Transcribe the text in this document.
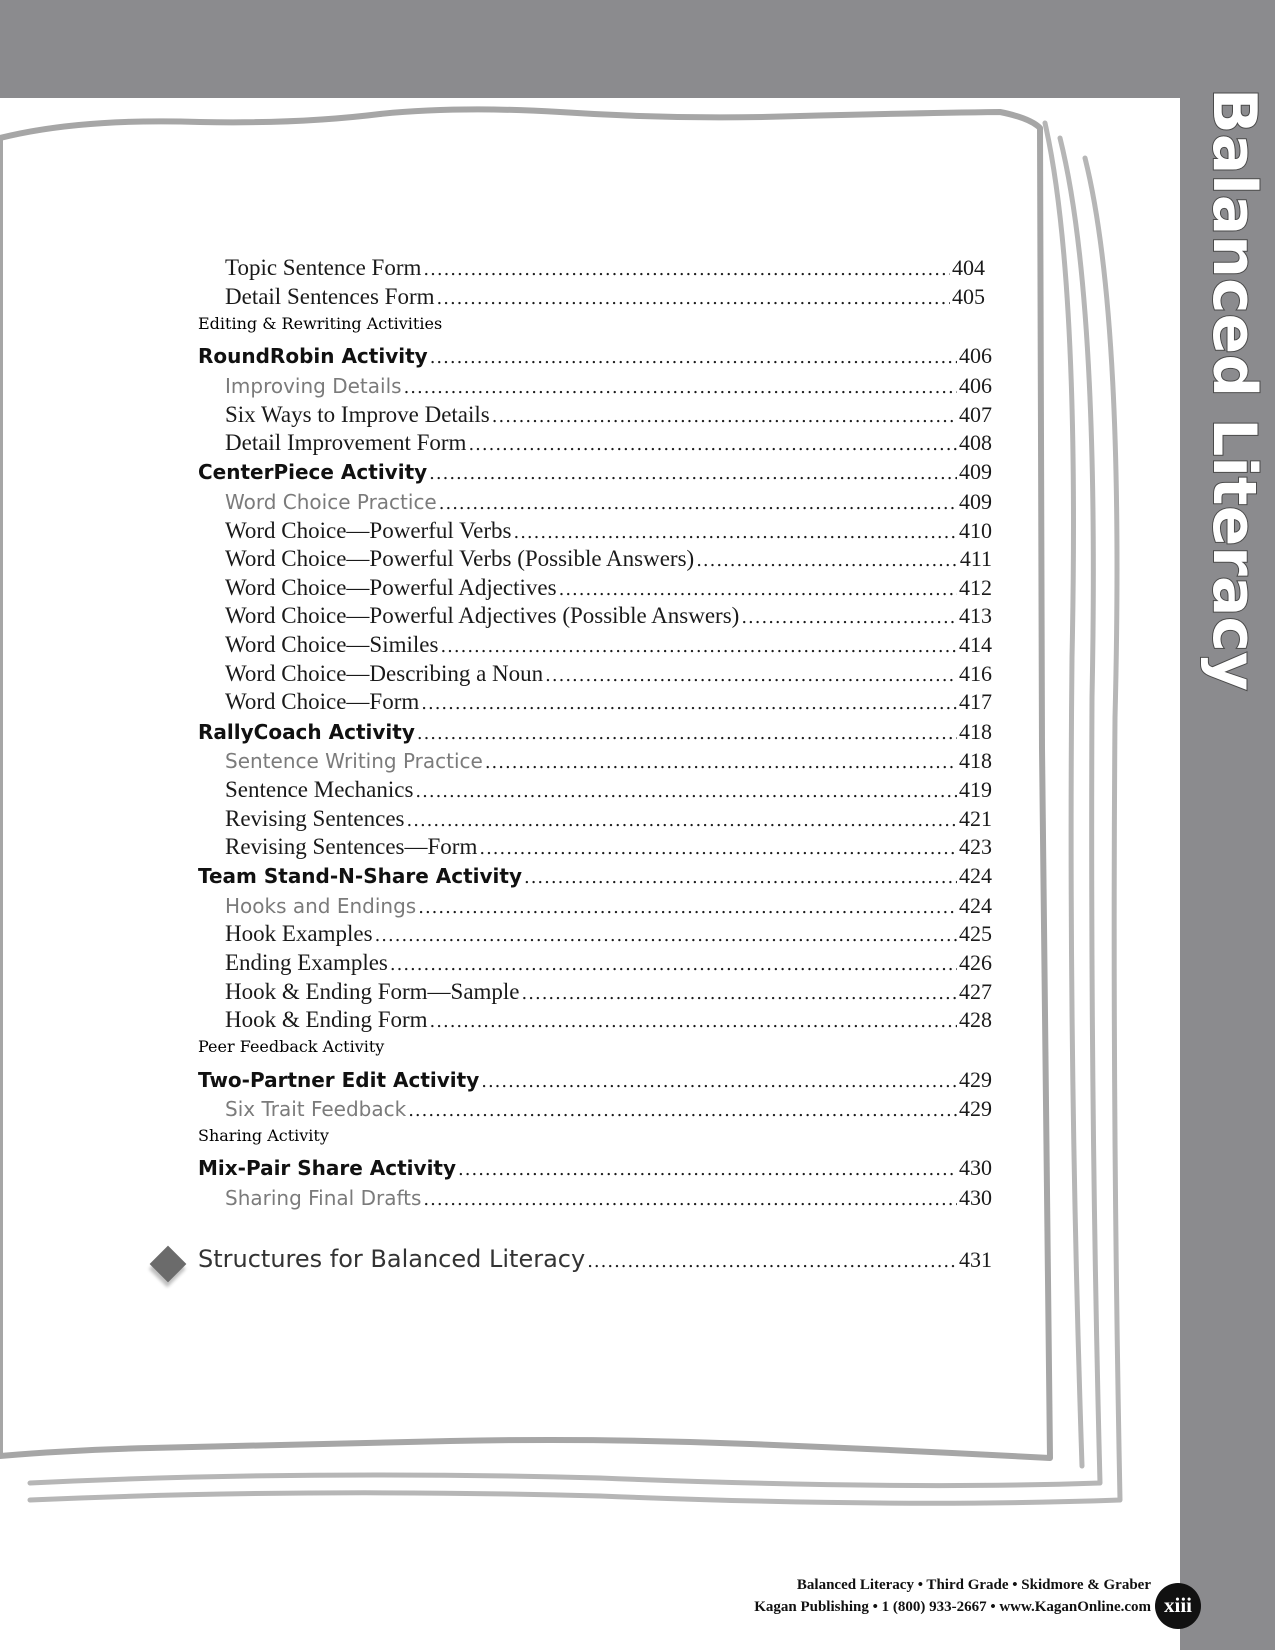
Balanced Literacy
Topic Sentence Form .....	404
Detail Sentences Form .....	405
Editing & Rewriting Activities
RoundRobin Activity .....	406
Improving Details .....	406
Six Ways to Improve Details .....	407
Detail Improvement Form .....	408
CenterPiece Activity .....	409
Word Choice Practice .....	409
Word Choice—Powerful Verbs .....	410
Word Choice—Powerful Verbs (Possible Answers) .....	411
Word Choice—Powerful Adjectives .....	412
Word Choice—Powerful Adjectives (Possible Answers) .....	413
Word Choice—Similes .....	414
Word Choice—Describing a Noun .....	416
Word Choice—Form .....	417
RallyCoach Activity .....	418
Sentence Writing Practice .....	418
Sentence Mechanics .....	419
Revising Sentences .....	421
Revising Sentences—Form .....	423
Team Stand-N-Share Activity .....	424
Hooks and Endings .....	424
Hook Examples .....	425
Ending Examples .....	426
Hook & Ending Form—Sample .....	427
Hook & Ending Form .....	428
Peer Feedback Activity
Two-Partner Edit Activity .....	429
Six Trait Feedback .....	429
Sharing Activity
Mix-Pair Share Activity .....	430
Sharing Final Drafts .....	430
Structures for Balanced Literacy .....	431
Balanced Literacy • Third Grade • Skidmore & Graber
Kagan Publishing • 1 (800) 933-2667 • www.KaganOnline.com xiii
